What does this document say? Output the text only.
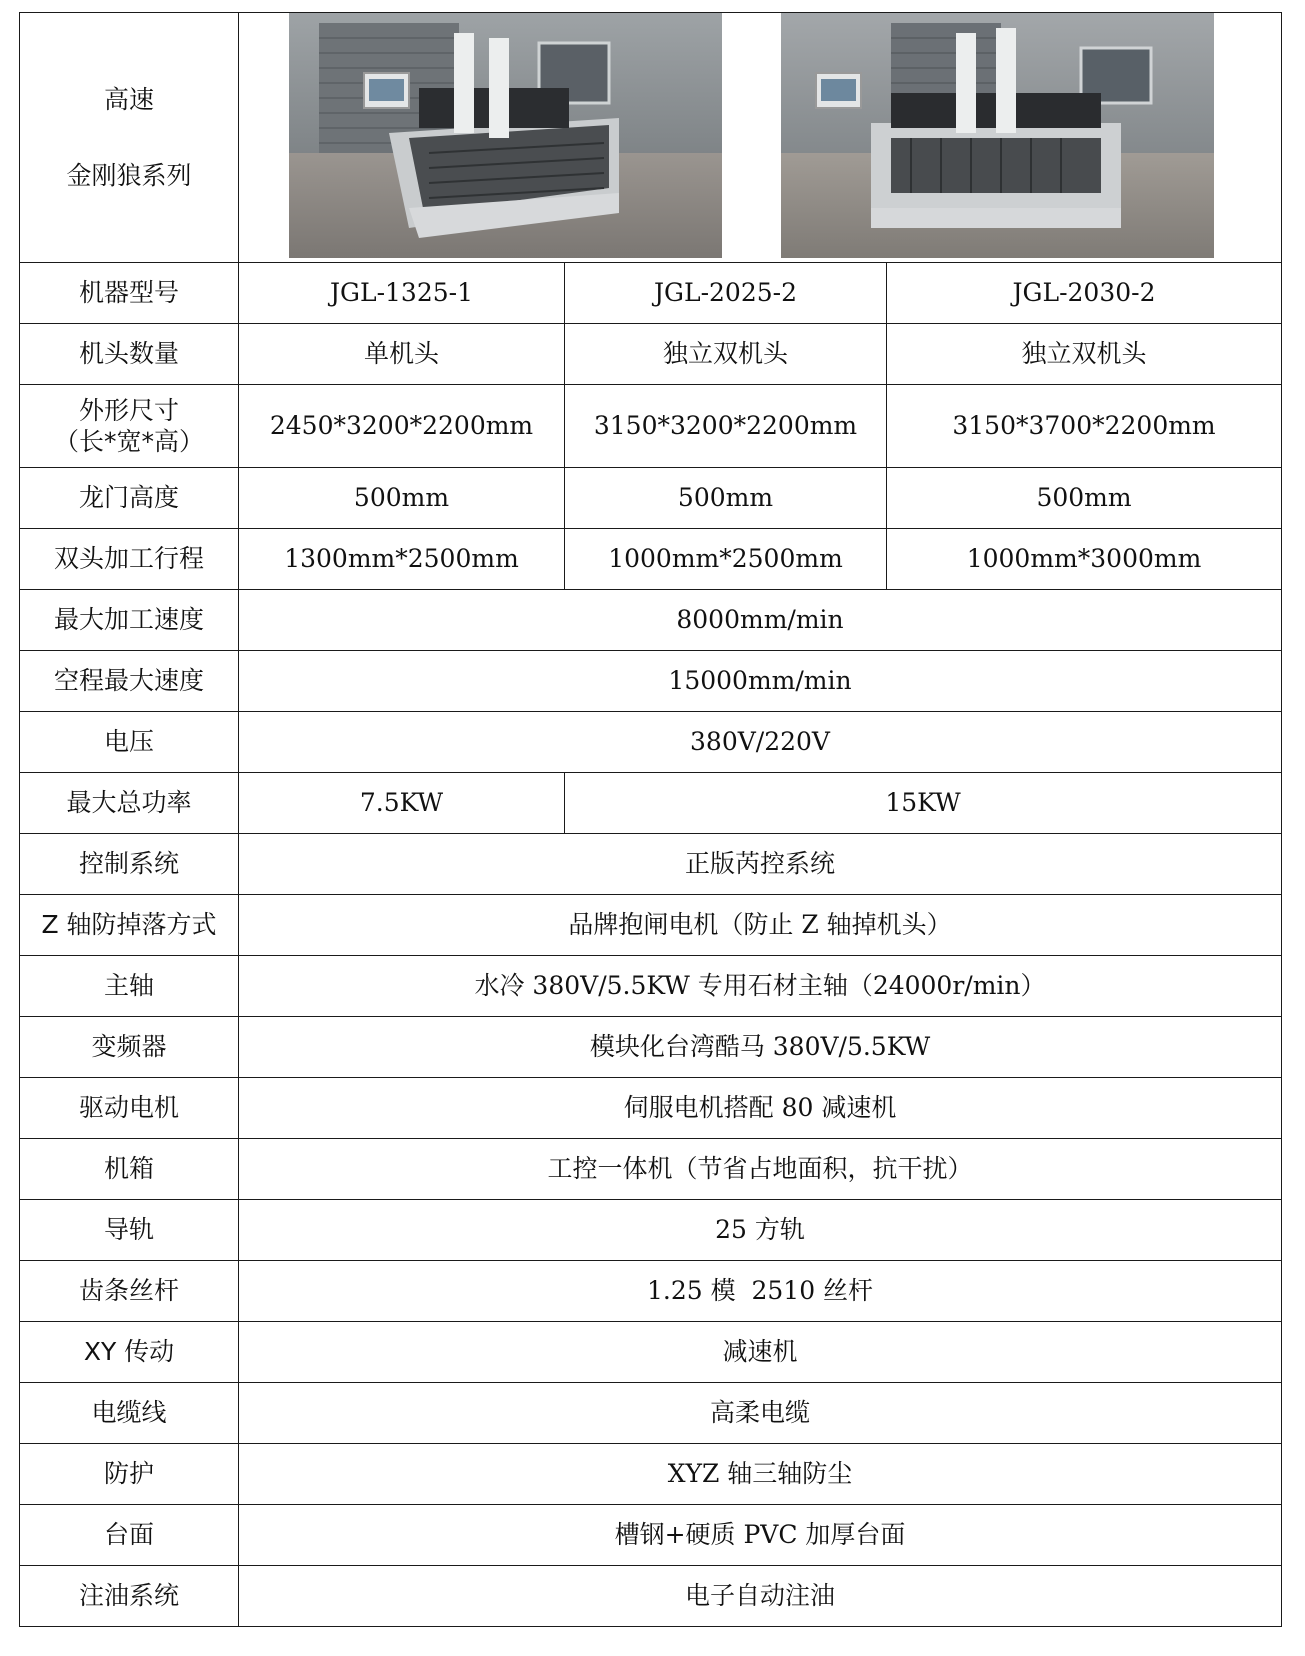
高速
金刚狼系列

机器型号	JGL-1325-1	JGL-2025-2	JGL-2030-2
机头数量	单机头	独立双机头	独立双机头

外形尺寸
（长*宽*高）	2450*3200*2200mm	3150*3200*2200mm	3150*3700*2200mm
龙门高度	500mm	500mm	500mm
双头加工行程	1300mm*2500mm	1000mm*2500mm	1000mm*3000mm
最大加工速度	8000mm/min		
空程最大速度	15000mm/min		
电压	380V/220V		
最大总功率	7.5KW	15KW	
控制系统	正版芮控系统		
Z 轴防掉落方式	品牌抱闸电机（防止 Z 轴掉机头）		
主轴	水冷 380V/5.5KW 专用石材主轴（24000r/min）		
变频器	模块化台湾酷马 380V/5.5KW		
驱动电机	伺服电机搭配 80 减速机		
机箱	工控一体机（节省占地面积，抗干扰）		
导轨	25 方轨		
齿条丝杆	1.25 模  2510 丝杆		
XY 传动	减速机		
电缆线	高柔电缆		
防护	XYZ 轴三轴防尘		
台面	槽钢+硬质 PVC 加厚台面		
注油系统	电子自动注油		
